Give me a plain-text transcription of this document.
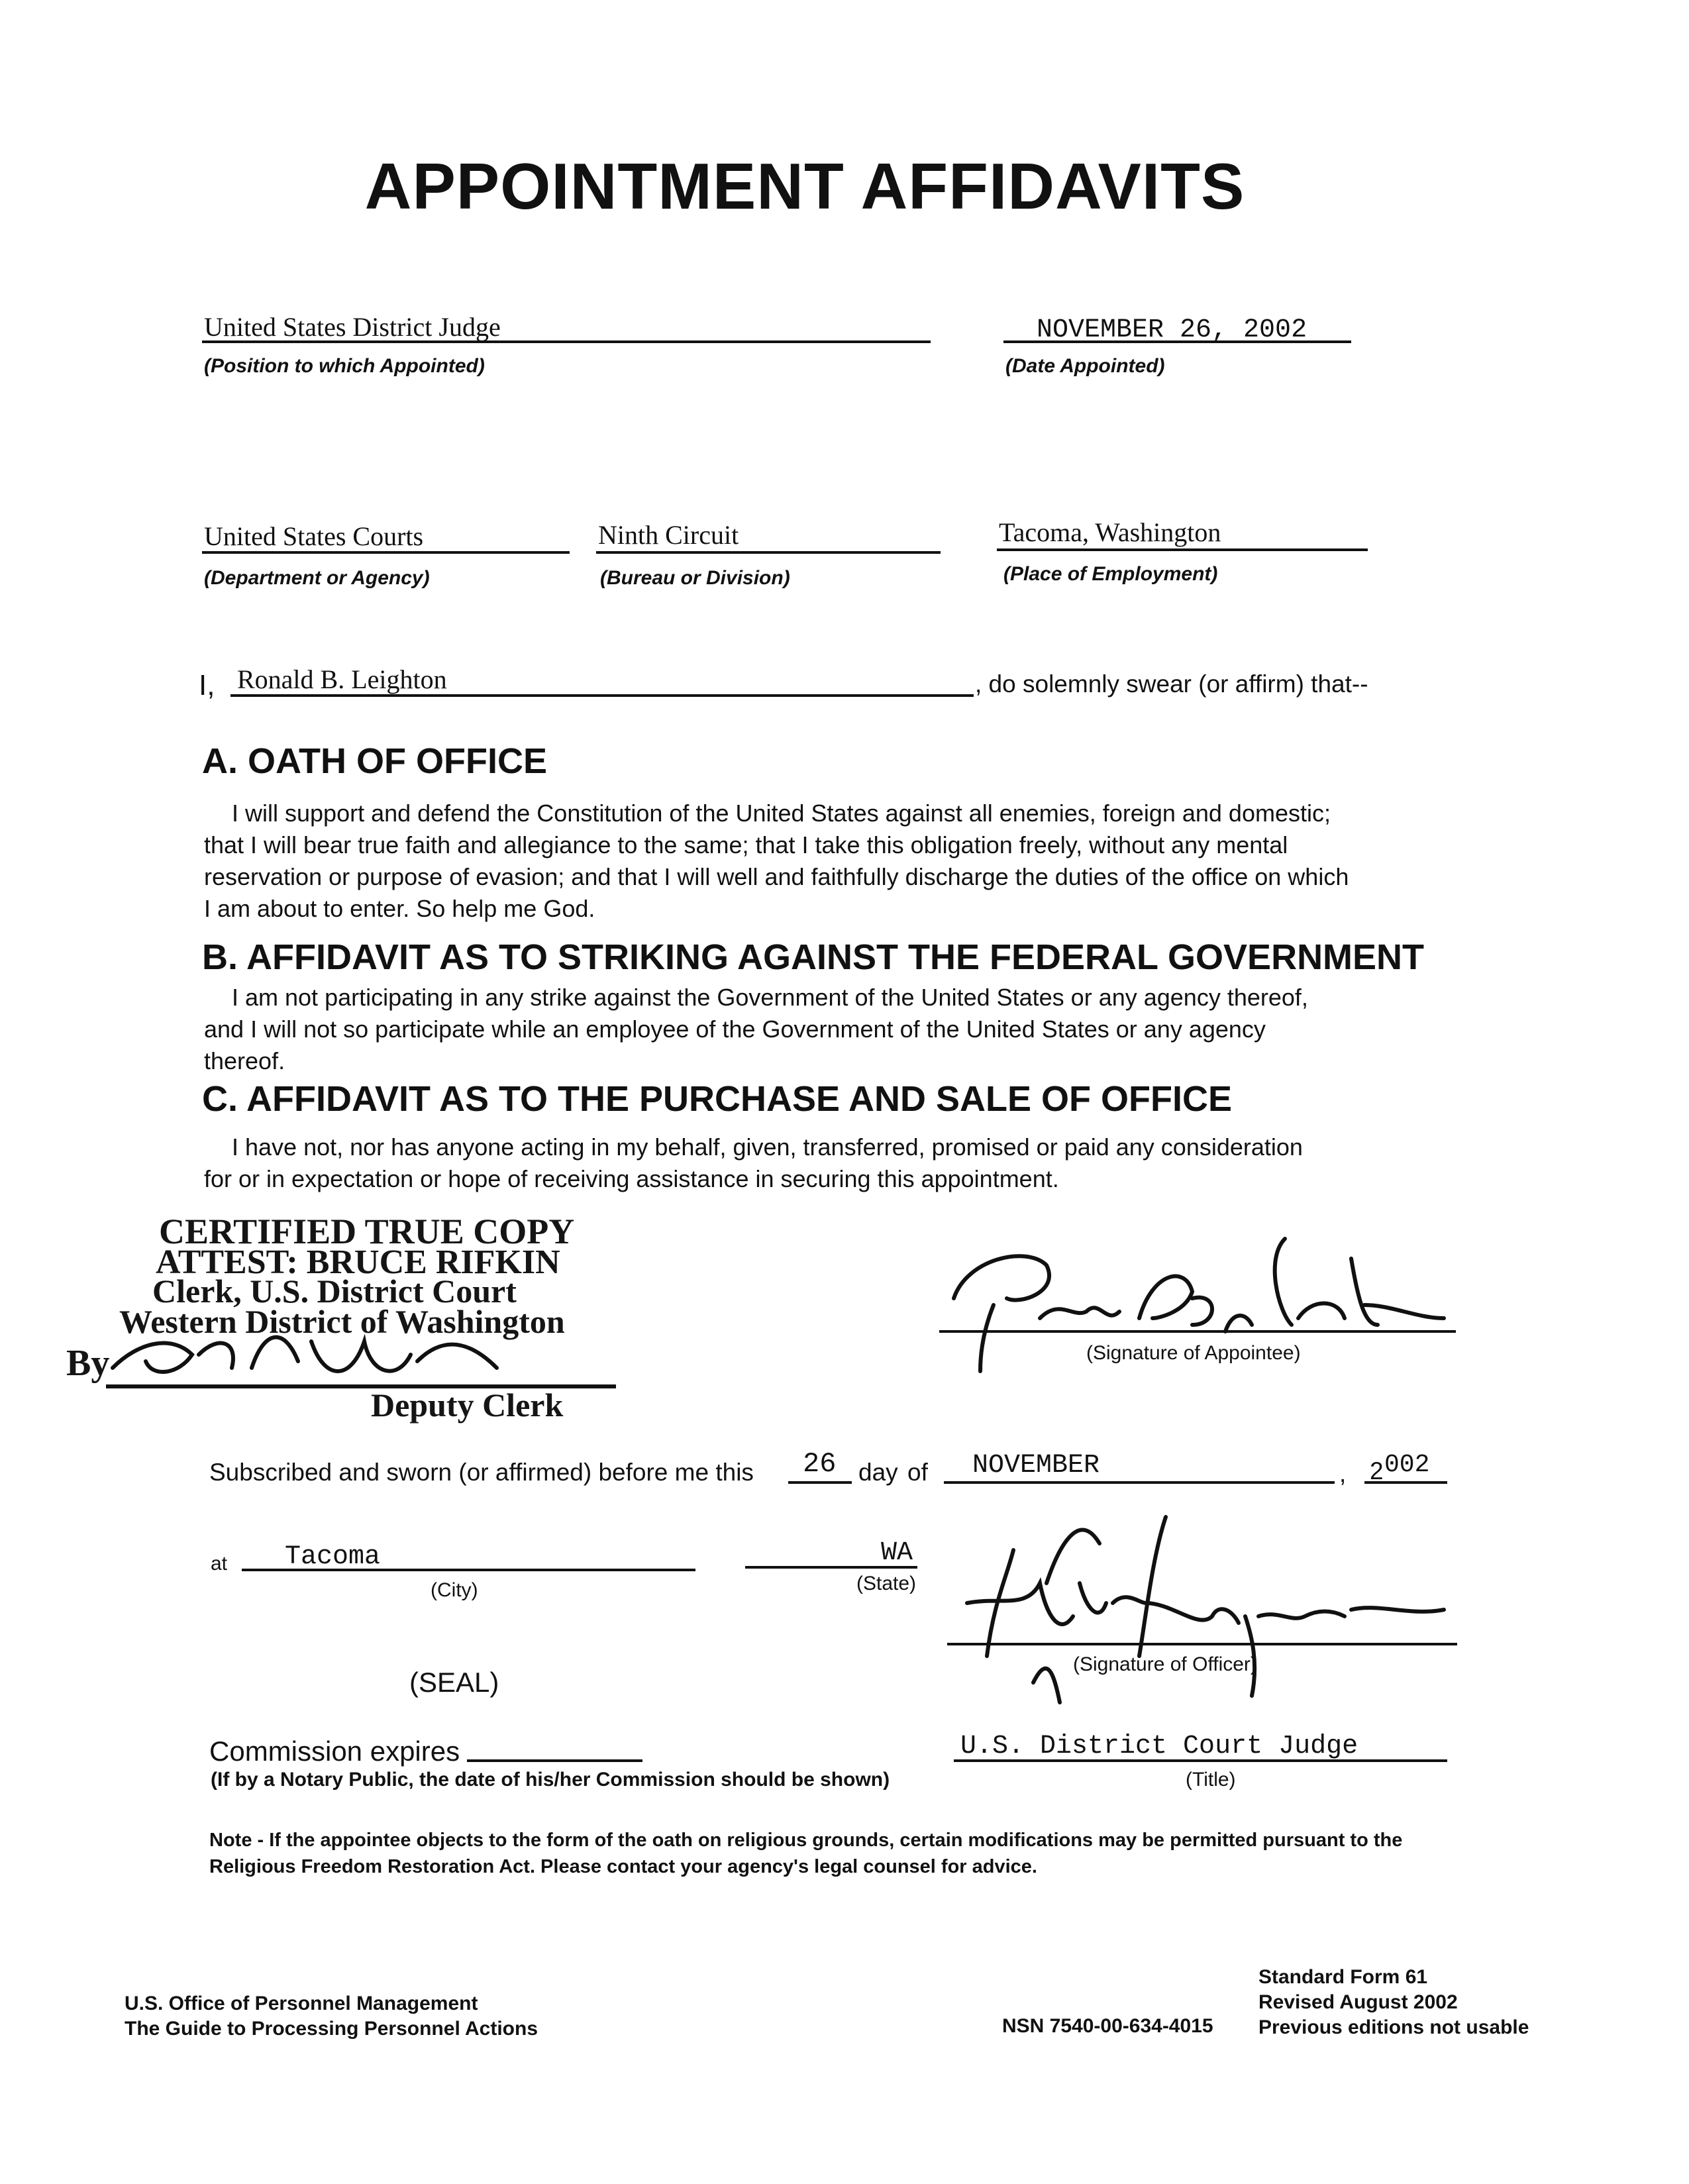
APPOINTMENT AFFIDAVITS
United States District Judge
(Position to which Appointed)
NOVEMBER 26, 2002
(Date Appointed)
United States Courts
(Department or Agency)
Ninth Circuit
(Bureau or Division)
Tacoma, Washington
(Place of Employment)
I, Ronald B. Leighton	, do solemnly swear (or affirm) that--
A. OATH OF OFFICE
I will support and defend the Constitution of the United States against all enemies, foreign and domestic;
that I will bear true faith and allegiance to the same; that I take this obligation freely, without any mental
reservation or purpose of evasion; and that I will well and faithfully discharge the duties of the office on which
I am about to enter. So help me God.
B. AFFIDAVIT AS TO STRIKING AGAINST THE FEDERAL GOVERNMENT
I am not participating in any strike against the Government of the United States or any agency thereof,
and I will not so participate while an employee of the Government of the United States or any agency
thereof.
C. AFFIDAVIT AS TO THE PURCHASE AND SALE OF OFFICE
I have not, nor has anyone acting in my behalf, given, transferred, promised or paid any consideration
for or in expectation or hope of receiving assistance in securing this appointment.
CERTIFIED TRUE COPY
ATTEST: BRUCE RIFKIN
Clerk, U.S. District Court
Western District of Washington
By
Deputy Clerk
(Signature of Appointee)
Subscribed and sworn (or affirmed) before me this 26 day of NOVEMBER	, 2 002
at Tacoma
(City)
WA
(State)
(Signature of Officer)
(SEAL)
Commission expires
(If by a Notary Public, the date of his/her Commission should be shown)
U.S. District Court Judge
(Title)
Note - If the appointee objects to the form of the oath on religious grounds, certain modifications may be permitted pursuant to the
Religious Freedom Restoration Act. Please contact your agency's legal counsel for advice.
U.S. Office of Personnel Management
The Guide to Processing Personnel Actions	NSN 7540-00-634-4015
Standard Form 61
Revised August 2002
Previous editions not usable
